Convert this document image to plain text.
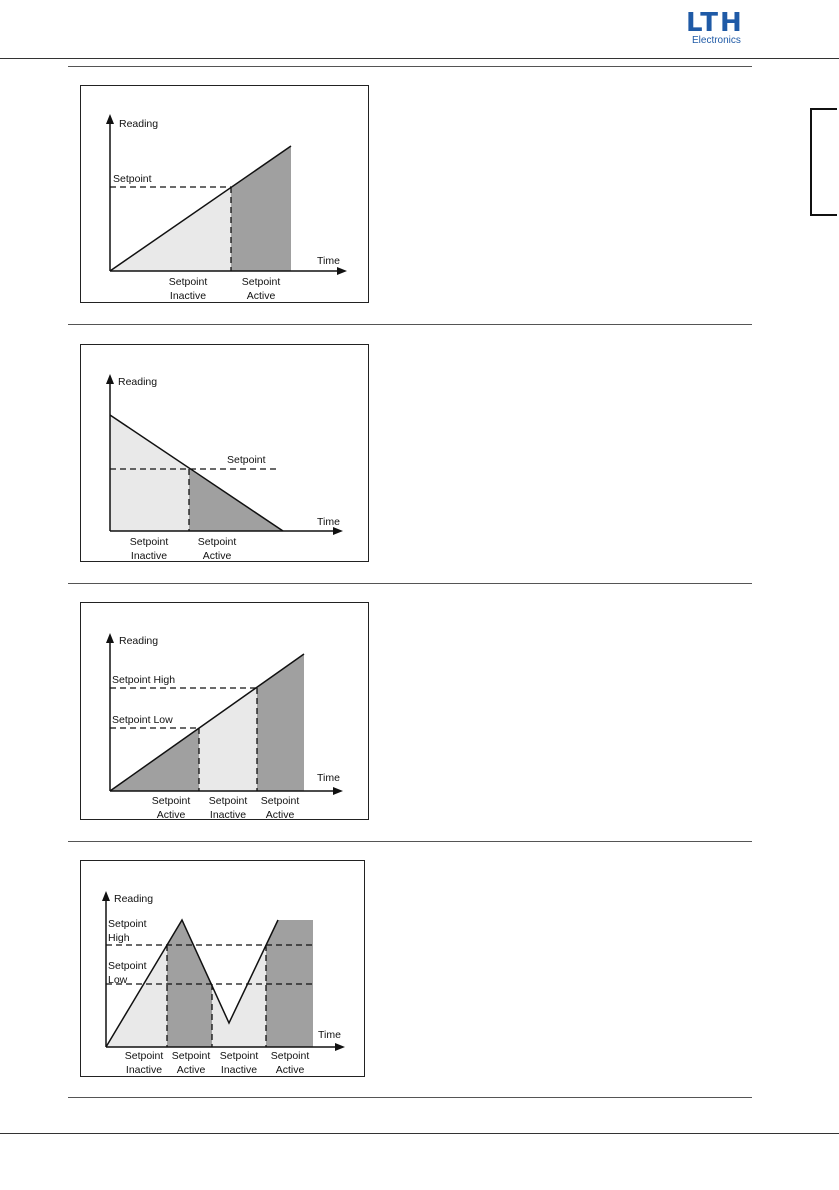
LTH
Electronics
Reading
Time
Setpoint
Setpoint
Inactive
Setpoint
Active
Reading
Time
Setpoint
Setpoint
Inactive
Setpoint
Active
Reading
Time
Setpoint High
Setpoint Low
Setpoint
Active
Setpoint
Inactive
Setpoint
Active
Reading
Time
Setpoint
High
Setpoint
Low
Setpoint
Inactive
Setpoint
Active
Setpoint
Inactive
Setpoint
Active
